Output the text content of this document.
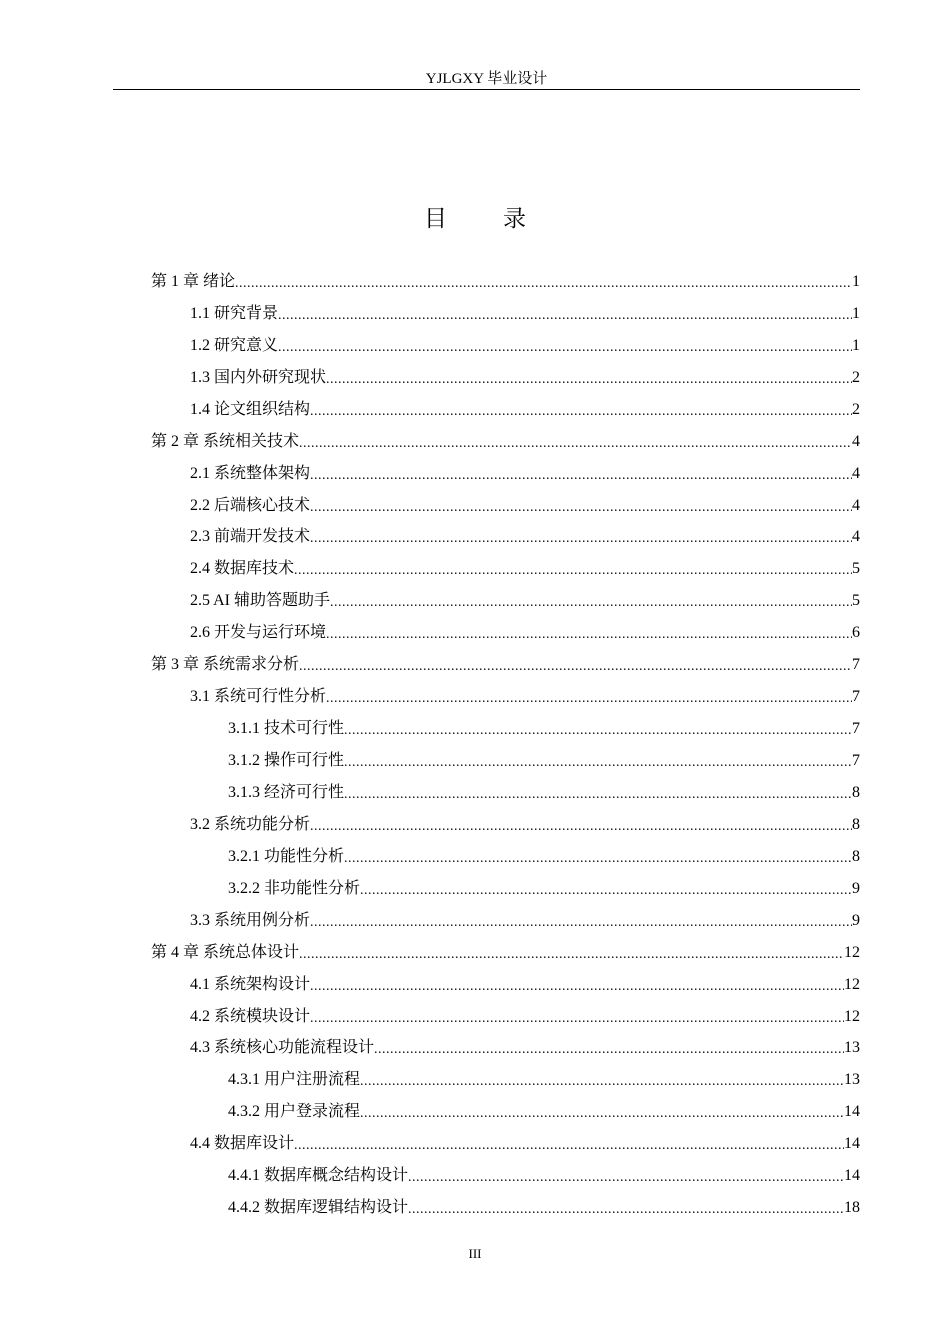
YJLGXY 毕业设计
目 录
第 1 章 绪论 .....	1
1.1 研究背景 .....	1
1.2 研究意义 .....	1
1.3 国内外研究现状 .....	2
1.4 论文组织结构 .....	2
第 2 章 系统相关技术 .....	4
2.1 系统整体架构 .....	4
2.2 后端核心技术 .....	4
2.3 前端开发技术 .....	4
2.4 数据库技术 .....	5
2.5 AI 辅助答题助手 .....	5
2.6 开发与运行环境 .....	6
第 3 章 系统需求分析 .....	7
3.1 系统可行性分析 .....	7
3.1.1 技术可行性 .....	7
3.1.2 操作可行性 .....	7
3.1.3 经济可行性 .....	8
3.2 系统功能分析 .....	8
3.2.1 功能性分析 .....	8
3.2.2 非功能性分析 .....	9
3.3 系统用例分析 .....	9
第 4 章 系统总体设计 .....	12
4.1 系统架构设计 .....	12
4.2 系统模块设计 .....	12
4.3 系统核心功能流程设计 .....	13
4.3.1 用户注册流程 .....	13
4.3.2 用户登录流程 .....	14
4.4 数据库设计 .....	14
4.4.1 数据库概念结构设计 .....	14
4.4.2 数据库逻辑结构设计 .....	18
III
